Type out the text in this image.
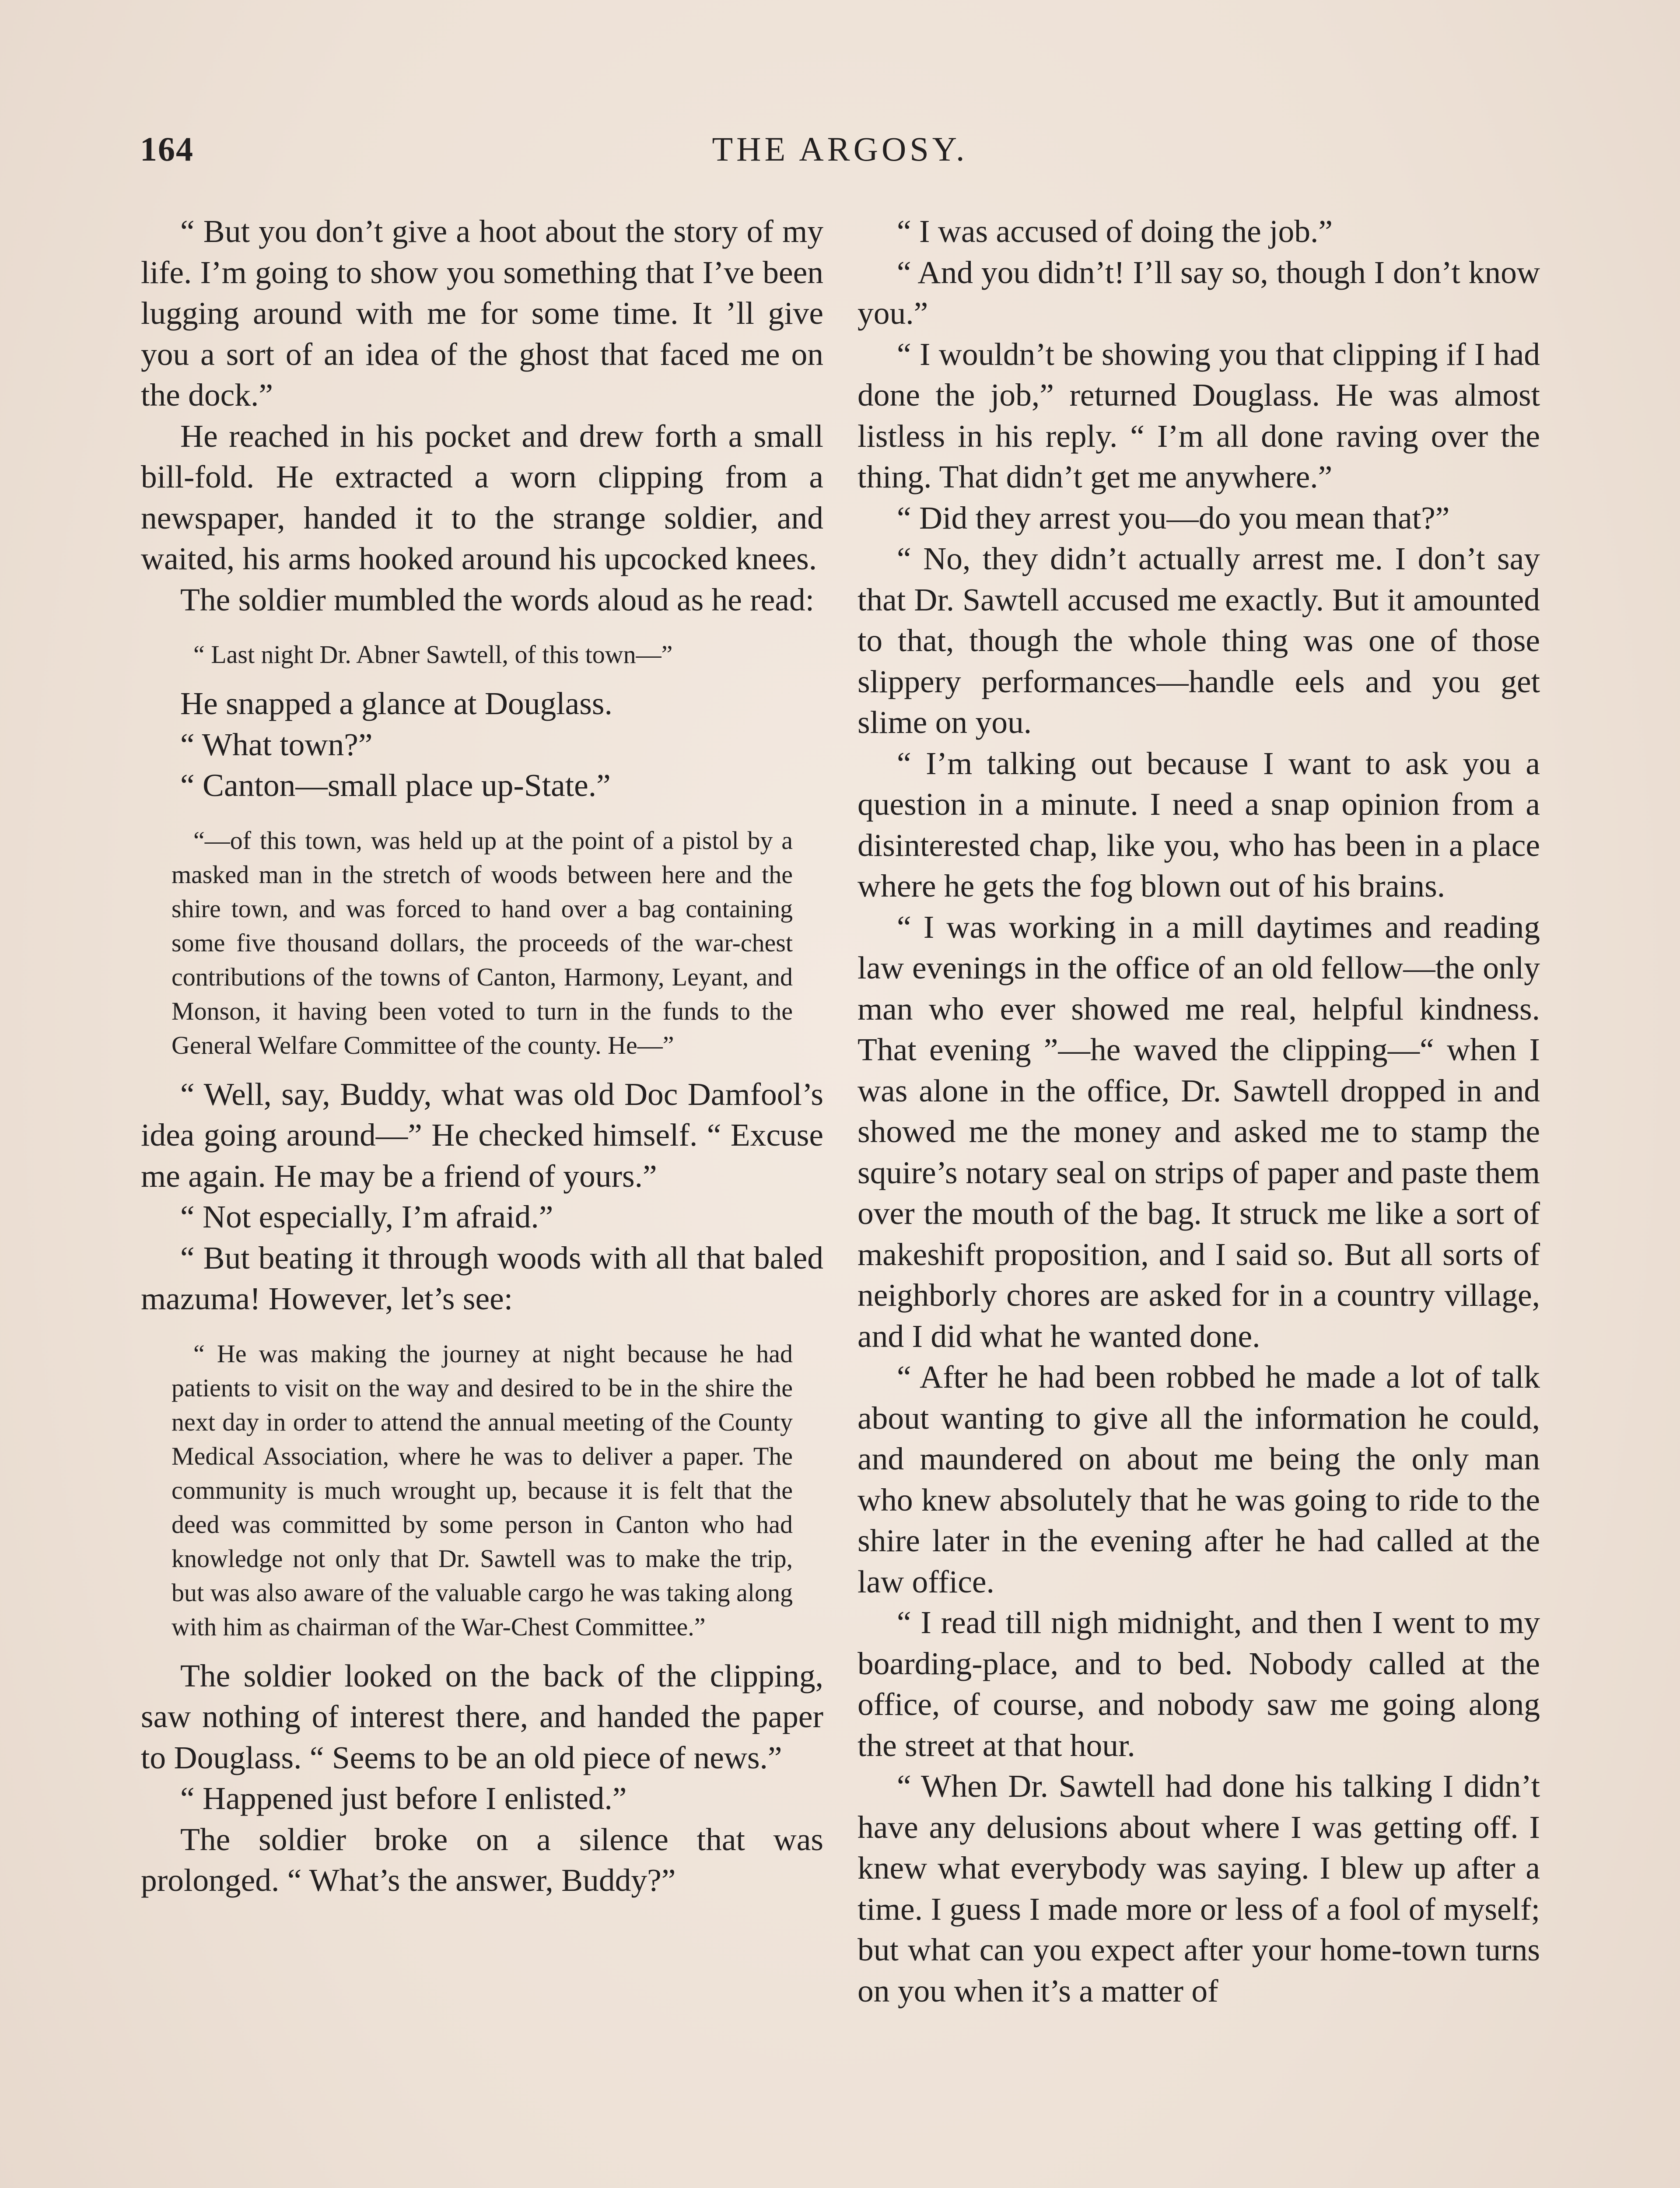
164	THE ARGOSY.

“ But you don’t give a hoot about the story of my life. I’m going to show you something that I’ve been lugging around with me for some time. It ’ll give you a sort of an idea of the ghost that faced me on the dock.”

He reached in his pocket and drew forth a small bill-fold. He extracted a worn clipping from a newspaper, handed it to the strange soldier, and waited, his arms hooked around his upcocked knees.

The soldier mumbled the words aloud as he read:

“ Last night Dr. Abner Sawtell, of this town—”

He snapped a glance at Douglass.

“ What town?”

“ Canton—small place up-State.”

“—of this town, was held up at the point of a pistol by a masked man in the stretch of woods between here and the shire town, and was forced to hand over a bag containing some five thousand dollars, the proceeds of the war-chest contributions of the towns of Canton, Harmony, Leyant, and Monson, it having been voted to turn in the funds to the General Welfare Committee of the county. He—”

“ Well, say, Buddy, what was old Doc Damfool’s idea going around—” He checked himself. “ Excuse me again. He may be a friend of yours.”

“ Not especially, I’m afraid.”

“ But beating it through woods with all that baled mazuma! However, let’s see:

“ He was making the journey at night because he had patients to visit on the way and desired to be in the shire the next day in order to attend the annual meeting of the County Medical Association, where he was to deliver a paper. The community is much wrought up, because it is felt that the deed was committed by some person in Canton who had knowledge not only that Dr. Sawtell was to make the trip, but was also aware of the valuable cargo he was taking along with him as chairman of the War-Chest Committee.”

The soldier looked on the back of the clipping, saw nothing of interest there, and handed the paper to Douglass. “ Seems to be an old piece of news.”

“ Happened just before I enlisted.”

The soldier broke on a silence that was prolonged. “ What’s the answer, Buddy?”

“ I was accused of doing the job.”

“ And you didn’t! I’ll say so, though I don’t know you.”

“ I wouldn’t be showing you that clipping if I had done the job,” returned Douglass. He was almost listless in his reply. “ I’m all done raving over the thing. That didn’t get me anywhere.”

“ Did they arrest you—do you mean that?”

“ No, they didn’t actually arrest me. I don’t say that Dr. Sawtell accused me exactly. But it amounted to that, though the whole thing was one of those slippery performances—handle eels and you get slime on you.

“ I’m talking out because I want to ask you a question in a minute. I need a snap opinion from a disinterested chap, like you, who has been in a place where he gets the fog blown out of his brains.

“ I was working in a mill daytimes and reading law evenings in the office of an old fellow—the only man who ever showed me real, helpful kindness. That evening ”—he waved the clipping—“ when I was alone in the office, Dr. Sawtell dropped in and showed me the money and asked me to stamp the squire’s notary seal on strips of paper and paste them over the mouth of the bag. It struck me like a sort of makeshift proposition, and I said so. But all sorts of neighborly chores are asked for in a country village, and I did what he wanted done.

“ After he had been robbed he made a lot of talk about wanting to give all the information he could, and maundered on about me being the only man who knew absolutely that he was going to ride to the shire later in the evening after he had called at the law office.

“ I read till nigh midnight, and then I went to my boarding-place, and to bed. Nobody called at the office, of course, and nobody saw me going along the street at that hour.

“ When Dr. Sawtell had done his talking I didn’t have any delusions about where I was getting off. I knew what everybody was saying. I blew up after a time. I guess I made more or less of a fool of myself; but what can you expect after your home-town turns on you when it’s a matter of
